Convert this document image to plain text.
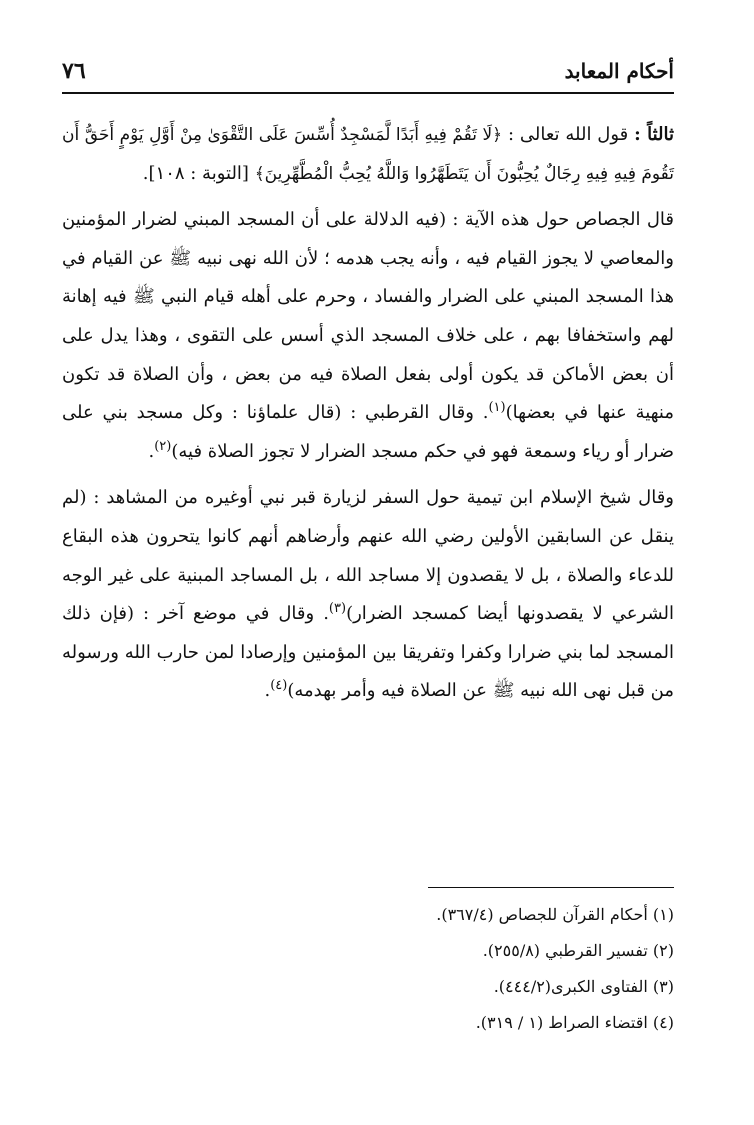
أحكام المعابد
٧٦

ثالثاً : قول الله تعالى : ﴿لَا تَقُمْ فِيهِ أَبَدًا لَّمَسْجِدٌ أُسِّسَ عَلَى التَّقْوَىٰ مِنْ أَوَّلِ يَوْمٍ أَحَقُّ أَن تَقُومَ فِيهِ فِيهِ رِجَالٌ يُحِبُّونَ أَن يَتَطَهَّرُوا وَاللَّهُ يُحِبُّ الْمُطَّهِّرِينَ﴾ [التوبة : ١٠٨].

قال الجصاص حول هذه الآية : (فيه الدلالة على أن المسجد المبني لضرار المؤمنين والمعاصي لا يجوز القيام فيه ، وأنه يجب هدمه ؛ لأن الله نهى نبيه ﷺ عن القيام في هذا المسجد المبني على الضرار والفساد ، وحرم على أهله قيام النبي ﷺ فيه إهانة لهم واستخفافا بهم ، على خلاف المسجد الذي أسس على التقوى ، وهذا يدل على أن بعض الأماكن قد يكون أولى بفعل الصلاة فيه من بعض ، وأن الصلاة قد تكون منهية عنها في بعضها)$^{(١)}$. وقال القرطبي : (قال علماؤنا : وكل مسجد بني على ضرار أو رياء وسمعة فهو في حكم مسجد الضرار لا تجوز الصلاة فيه)$^{(٢)}$.

وقال شيخ الإسلام ابن تيمية حول السفر لزيارة قبر نبي أوغيره من المشاهد : (لم ينقل عن السابقين الأولين رضي الله عنهم وأرضاهم أنهم كانوا يتحرون هذه البقاع للدعاء والصلاة ، بل لا يقصدون إلا مساجد الله ، بل المساجد المبنية على غير الوجه الشرعي لا يقصدونها أيضا كمسجد الضرار)$^{(٣)}$. وقال في موضع آخر : (فإن ذلك المسجد لما بني ضرارا وكفرا وتفريقا بين المؤمنين وإرصادا لمن حارب الله ورسوله من قبل نهى الله نبيه ﷺ عن الصلاة فيه وأمر بهدمه)$^{(٤)}$.

(١) أحكام القرآن للجصاص (٣٦٧/٤).
(٢) تفسير القرطبي (٢٥٥/٨).
(٣) الفتاوى الكبرى(٤٤٤/٢).
(٤) اقتضاء الصراط (١ / ٣١٩).
